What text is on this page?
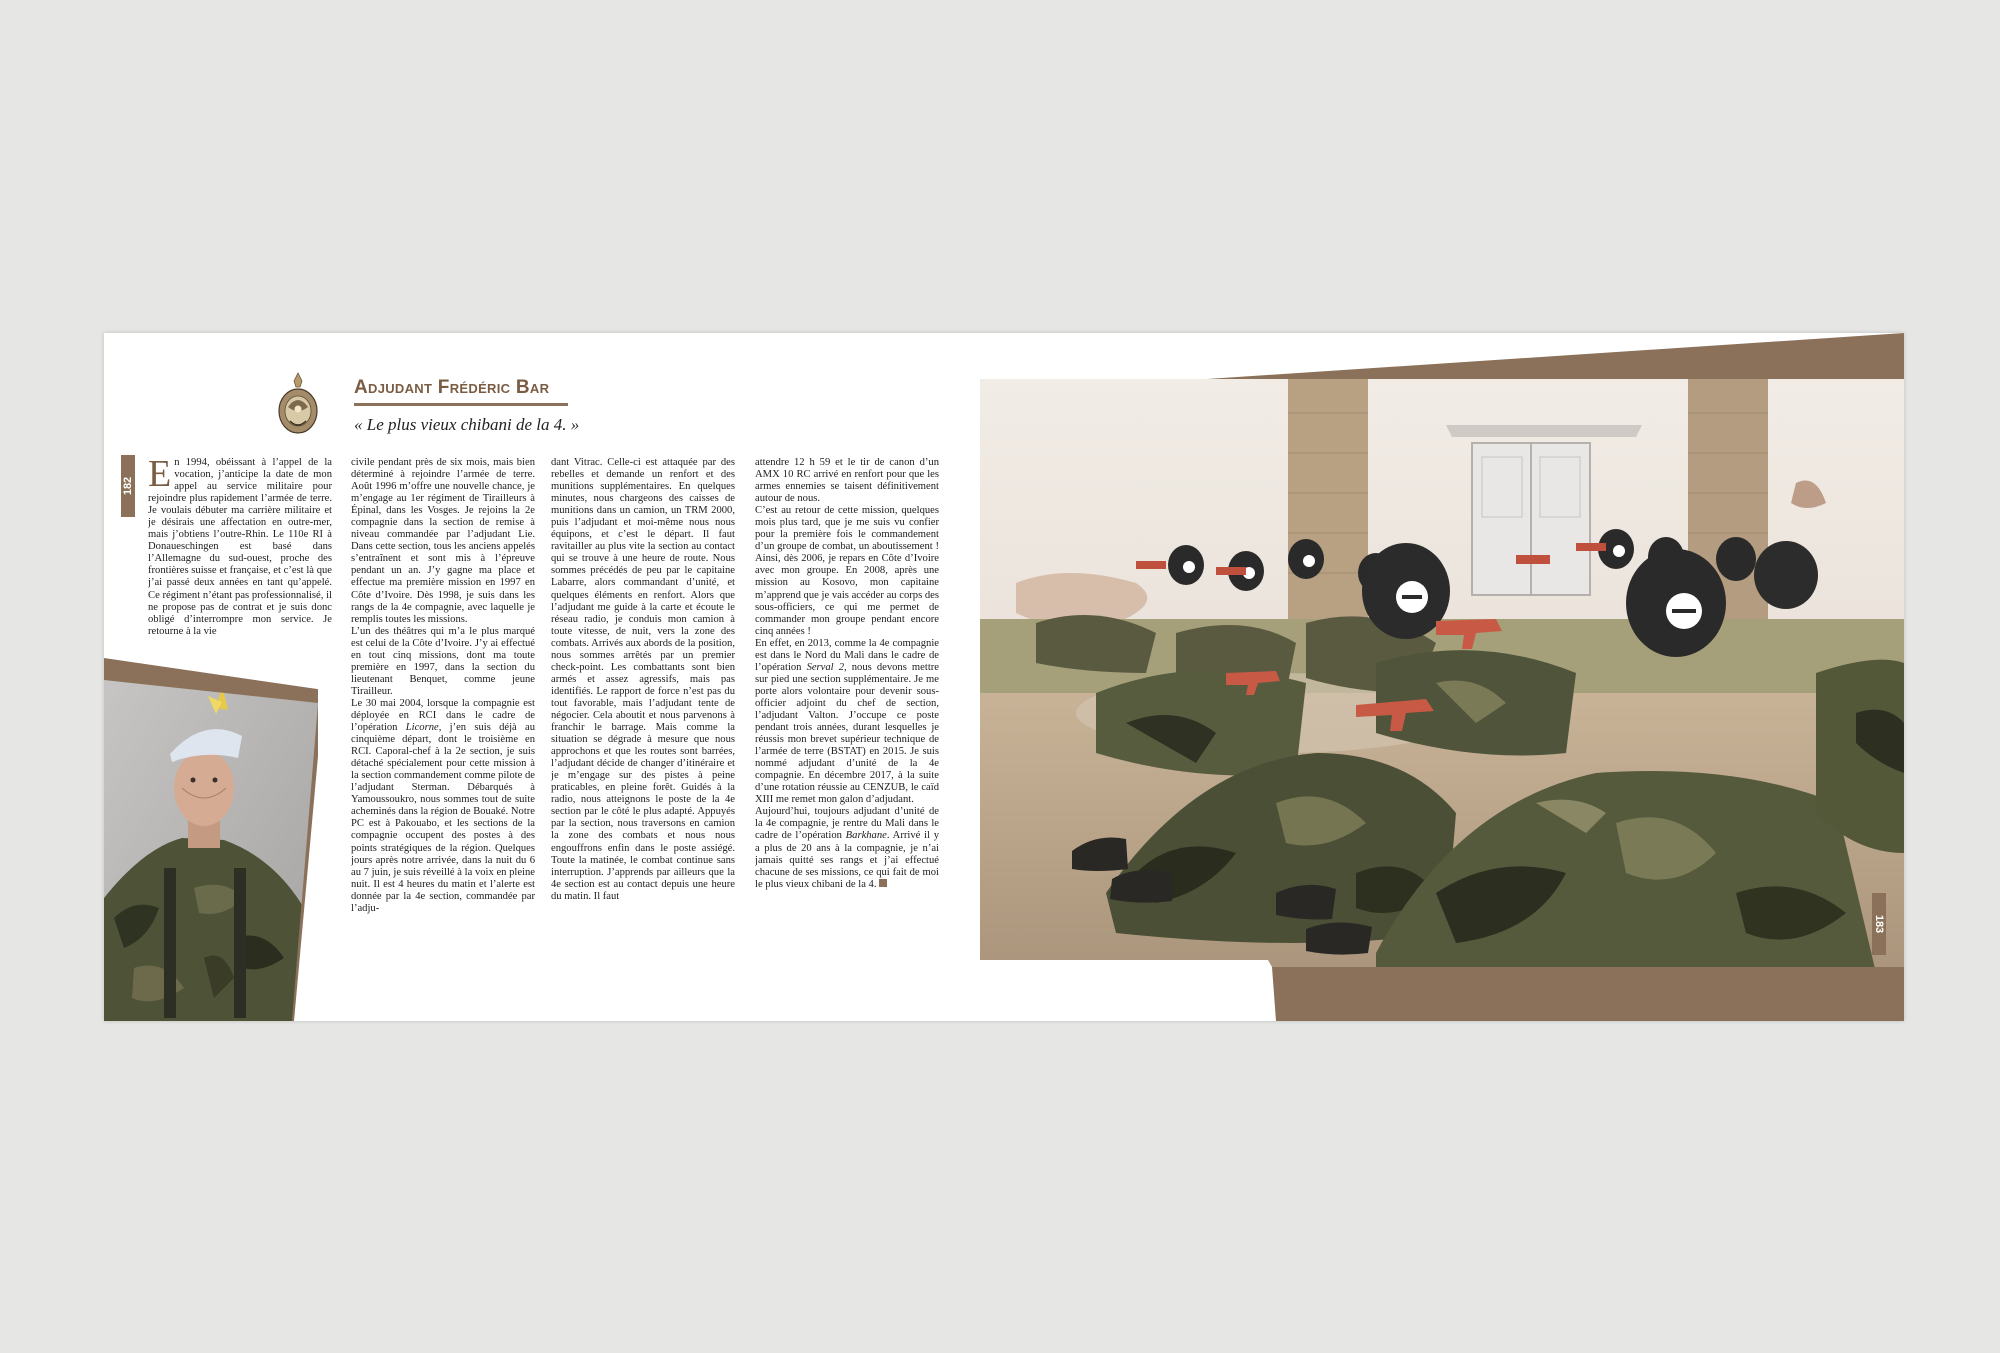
182
Adjudant Frédéric Bar

« Le plus vieux chibani de la 4. »

En 1994, obéissant à l’appel de la vocation, j’anticipe la date de mon appel au service militaire pour rejoindre plus rapidement l’armée de terre. Je voulais débuter ma carrière militaire et je désirais une affectation en outre-mer, mais j’obtiens l’outre-Rhin. Le 110e RI à Donaueschingen est basé dans l’Allemagne du sud-ouest, proche des frontières suisse et française, et c’est là que j’ai passé deux années en tant qu’appelé. Ce régiment n’étant pas professionnalisé, il ne propose pas de contrat et je suis donc obligé d’interrompre mon service. Je retourne à la vie

civile pendant près de six mois, mais bien déterminé à rejoindre l’armée de terre. Août 1996 m’offre une nouvelle chance, je m’engage au 1er régiment de Tirailleurs à Épinal, dans les Vosges. Je rejoins la 2e compagnie dans la section de remise à niveau commandée par l’adjudant Lie. Dans cette section, tous les anciens appelés s’entraînent et sont mis à l’épreuve pendant un an. J’y gagne ma place et effectue ma première mission en 1997 en Côte d’Ivoire. Dès 1998, je suis dans les rangs de la 4e compagnie, avec laquelle je remplis toutes les missions.

L’un des théâtres qui m’a le plus marqué est celui de la Côte d’Ivoire. J’y ai effectué en tout cinq missions, dont ma toute première en 1997, dans la section du lieutenant Benquet, comme jeune Tirailleur.

Le 30 mai 2004, lorsque la compagnie est déployée en RCI dans le cadre de l’opération Licorne, j’en suis déjà au cinquième départ, dont le troisième en RCI. Caporal-chef à la 2e section, je suis détaché spécialement pour cette mission à la section commandement comme pilote de l’adjudant Sterman. Débarqués à Yamoussoukro, nous sommes tout de suite acheminés dans la région de Bouaké. Notre PC est à Pakouabo, et les sections de la compagnie occupent des postes à des points stratégiques de la région. Quelques jours après notre arrivée, dans la nuit du 6 au 7 juin, je suis réveillé à la voix en pleine nuit. Il est 4 heures du matin et l’alerte est donnée par la 4e section, commandée par l’adju-

dant Vitrac. Celle-ci est attaquée par des rebelles et demande un renfort et des munitions supplémentaires. En quelques minutes, nous chargeons des caisses de munitions dans un camion, un TRM 2000, puis l’adjudant et moi-même nous nous équipons, et c’est le départ. Il faut ravitailler au plus vite la section au contact qui se trouve à une heure de route. Nous sommes précédés de peu par le capitaine Labarre, alors commandant d’unité, et quelques éléments en renfort. Alors que l’adjudant me guide à la carte et écoute le réseau radio, je conduis mon camion à toute vitesse, de nuit, vers la zone des combats. Arrivés aux abords de la position, nous sommes arrêtés par un premier check-point. Les combattants sont bien armés et assez agressifs, mais pas identifiés. Le rapport de force n’est pas du tout favorable, mais l’adjudant tente de négocier. Cela aboutit et nous parvenons à franchir le barrage. Mais comme la situation se dégrade à mesure que nous approchons et que les routes sont barrées, l’adjudant décide de changer d’itinéraire et je m’engage sur des pistes à peine praticables, en pleine forêt. Guidés à la radio, nous atteignons le poste de la 4e section par le côté le plus adapté. Appuyés par la section, nous traversons en camion la zone des combats et nous nous engouffrons enfin dans le poste assiégé. Toute la matinée, le combat continue sans interruption. J’apprends par ailleurs que la 4e section est au contact depuis une heure du matin. Il faut

attendre 12 h 59 et le tir de canon d’un AMX 10 RC arrivé en renfort pour que les armes ennemies se taisent définitivement autour de nous.

C’est au retour de cette mission, quelques mois plus tard, que je me suis vu confier pour la première fois le commandement d’un groupe de combat, un aboutissement ! Ainsi, dès 2006, je repars en Côte d’Ivoire avec mon groupe. En 2008, après une mission au Kosovo, mon capitaine m’apprend que je vais accéder au corps des sous-officiers, ce qui me permet de commander mon groupe pendant encore cinq années !

En effet, en 2013, comme la 4e compagnie est dans le Nord du Mali dans le cadre de l’opération Serval 2, nous devons mettre sur pied une section supplémentaire. Je me porte alors volontaire pour devenir sous-officier adjoint du chef de section, l’adjudant Valton. J’occupe ce poste pendant trois années, durant lesquelles je réussis mon brevet supérieur technique de l’armée de terre (BSTAT) en 2015. Je suis nommé adjudant d’unité de la 4e compagnie. En décembre 2017, à la suite d’une rotation réussie au CENZUB, le caïd XIII me remet mon galon d’adjudant.

Aujourd’hui, toujours adjudant d’unité de la 4e compagnie, je rentre du Mali dans le cadre de l’opération Barkhane. Arrivé il y a plus de 20 ans à la compagnie, je n’ai jamais quitté ses rangs et j’ai effectué chacune de ses missions, ce qui fait de moi le plus vieux chibani de la 4.

183
